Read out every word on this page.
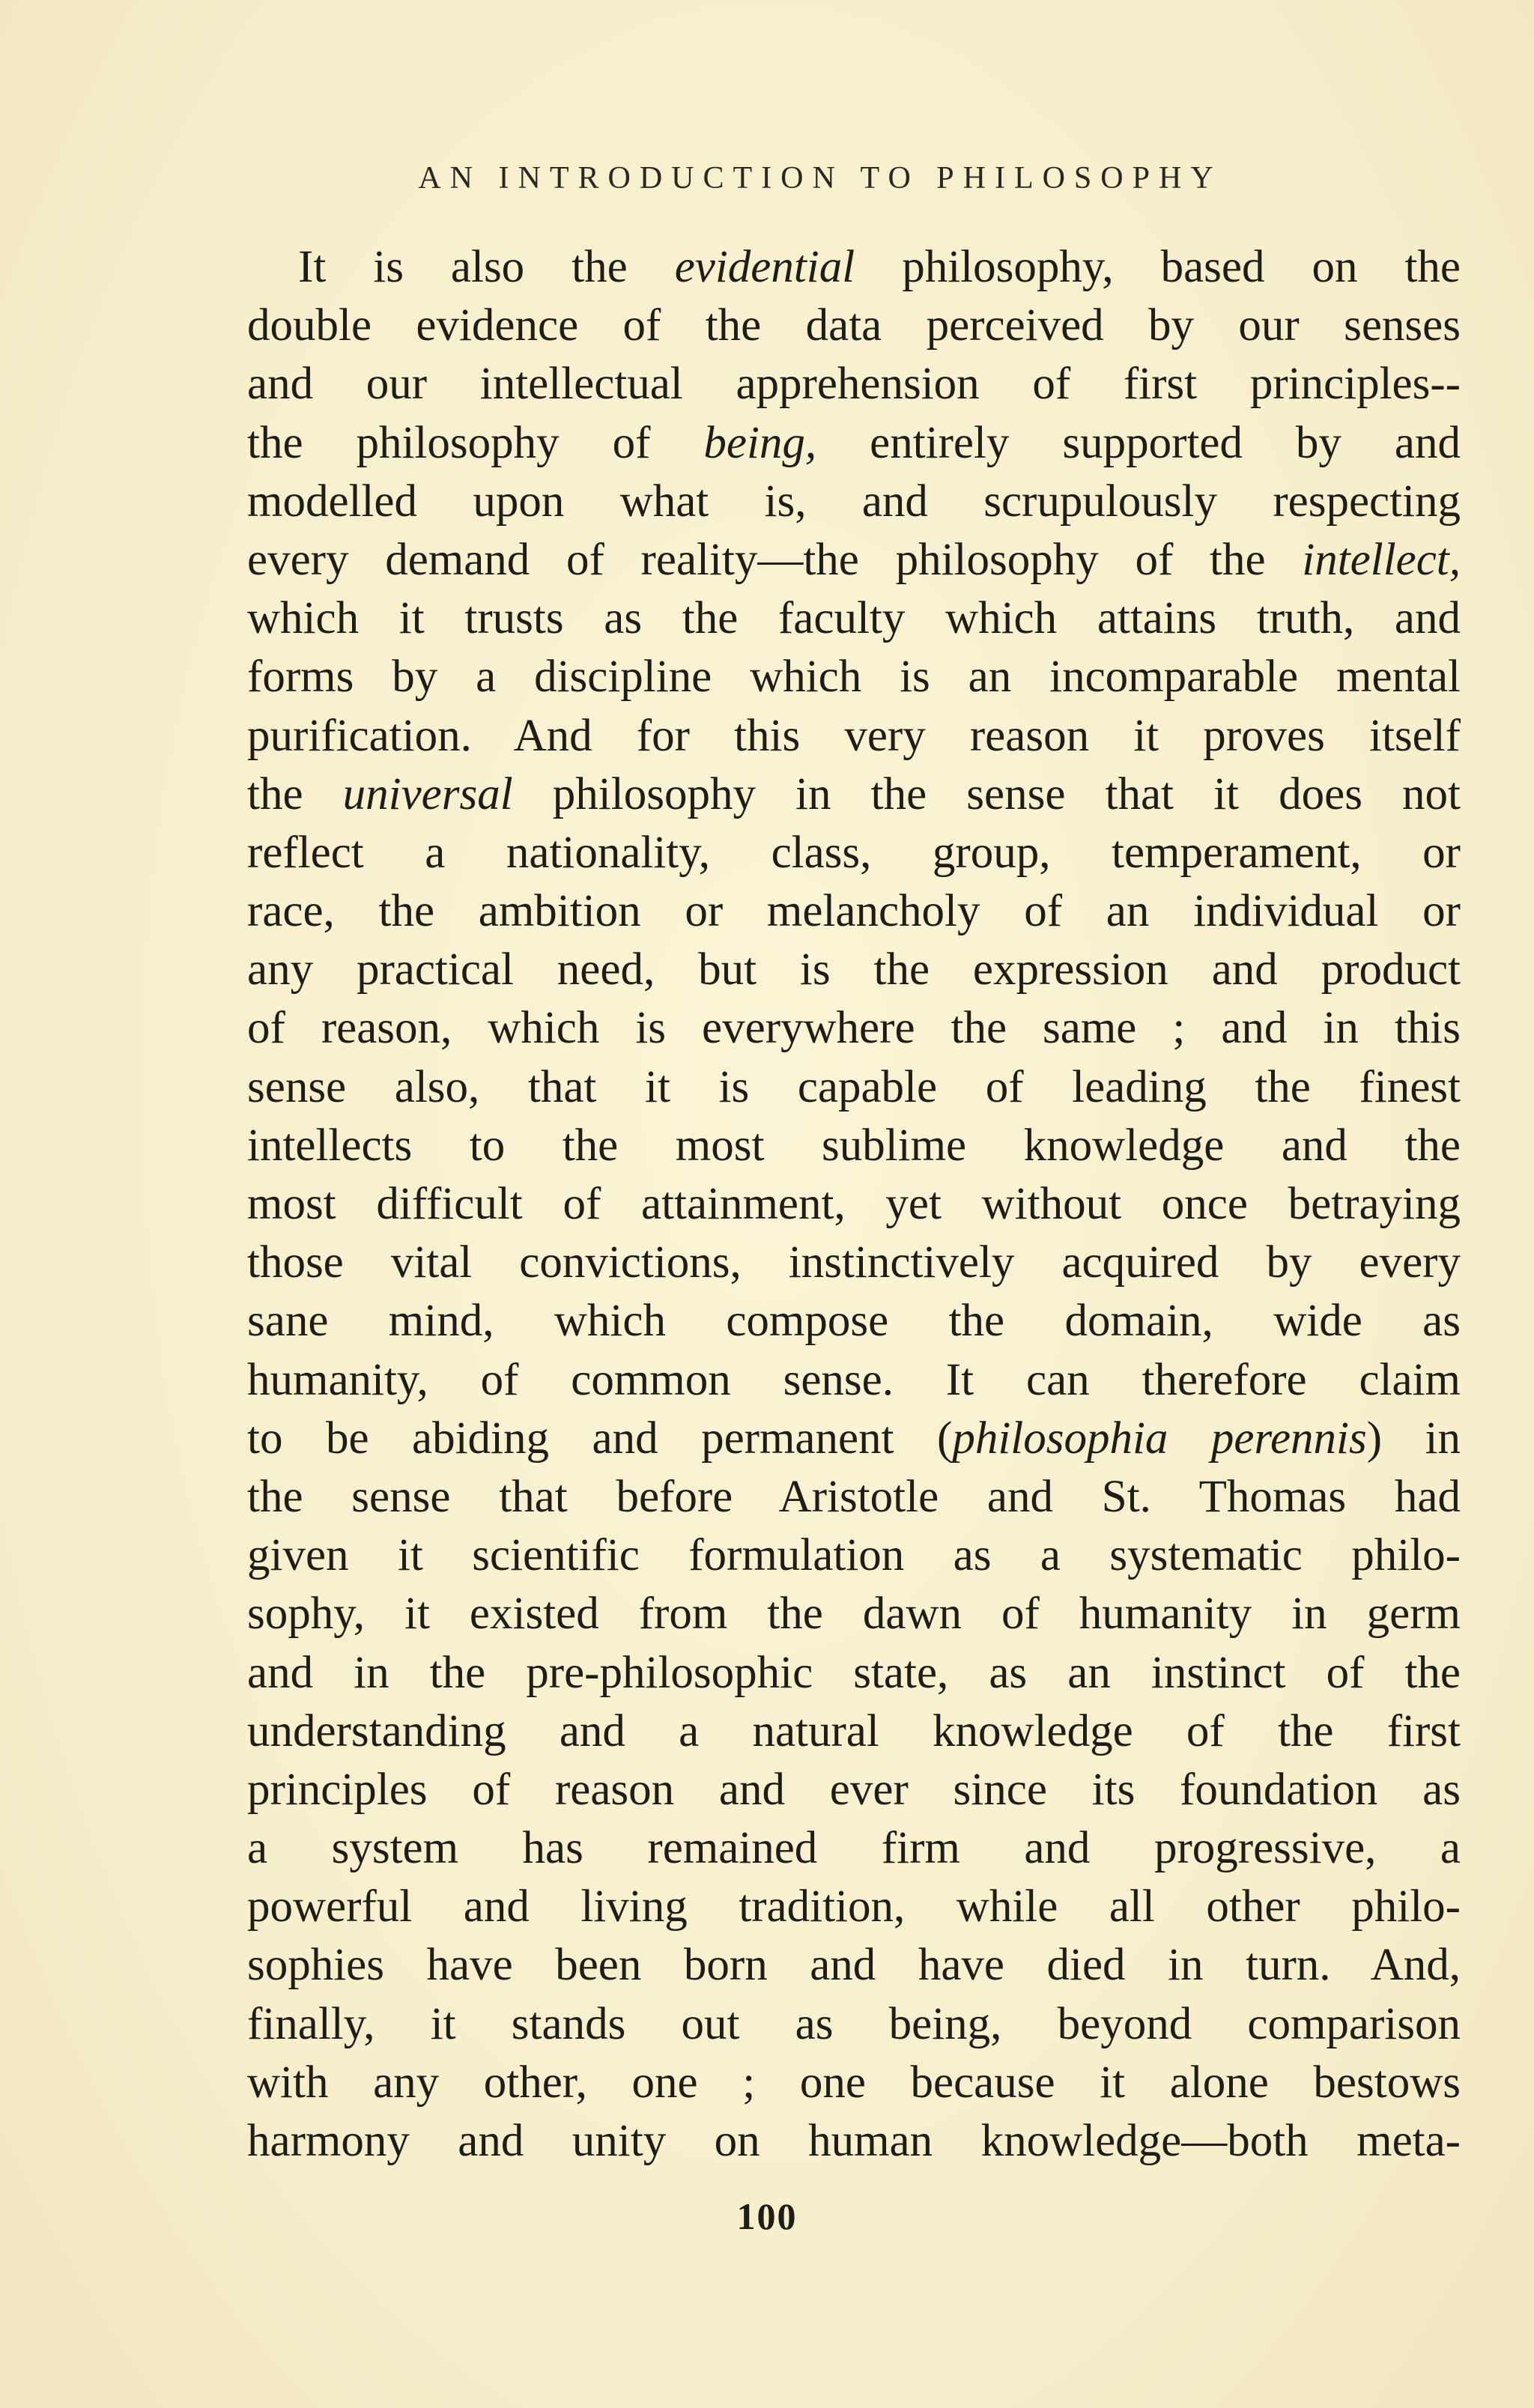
AN INTRODUCTION TO PHILOSOPHY
It is also the evidential philosophy, based on the
double evidence of the data perceived by our senses
and our intellectual apprehension of first principles--
the philosophy of being, entirely supported by and
modelled upon what is, and scrupulously respecting
every demand of reality—the philosophy of the intellect,
which it trusts as the faculty which attains truth, and
forms by a discipline which is an incomparable mental
purification. And for this very reason it proves itself
the universal philosophy in the sense that it does not
reflect a nationality, class, group, temperament, or
race, the ambition or melancholy of an individual or
any practical need, but is the expression and product
of reason, which is everywhere the same ; and in this
sense also, that it is capable of leading the finest
intellects to the most sublime knowledge and the
most difficult of attainment, yet without once betraying
those vital convictions, instinctively acquired by every
sane mind, which compose the domain, wide as
humanity, of common sense. It can therefore claim
to be abiding and permanent (philosophia perennis) in
the sense that before Aristotle and St. Thomas had
given it scientific formulation as a systematic philo-
sophy, it existed from the dawn of humanity in germ
and in the pre-philosophic state, as an instinct of the
understanding and a natural knowledge of the first
principles of reason and ever since its foundation as
a system has remained firm and progressive, a
powerful and living tradition, while all other philo-
sophies have been born and have died in turn. And,
finally, it stands out as being, beyond comparison
with any other, one ; one because it alone bestows
harmony and unity on human knowledge—both meta-
100
